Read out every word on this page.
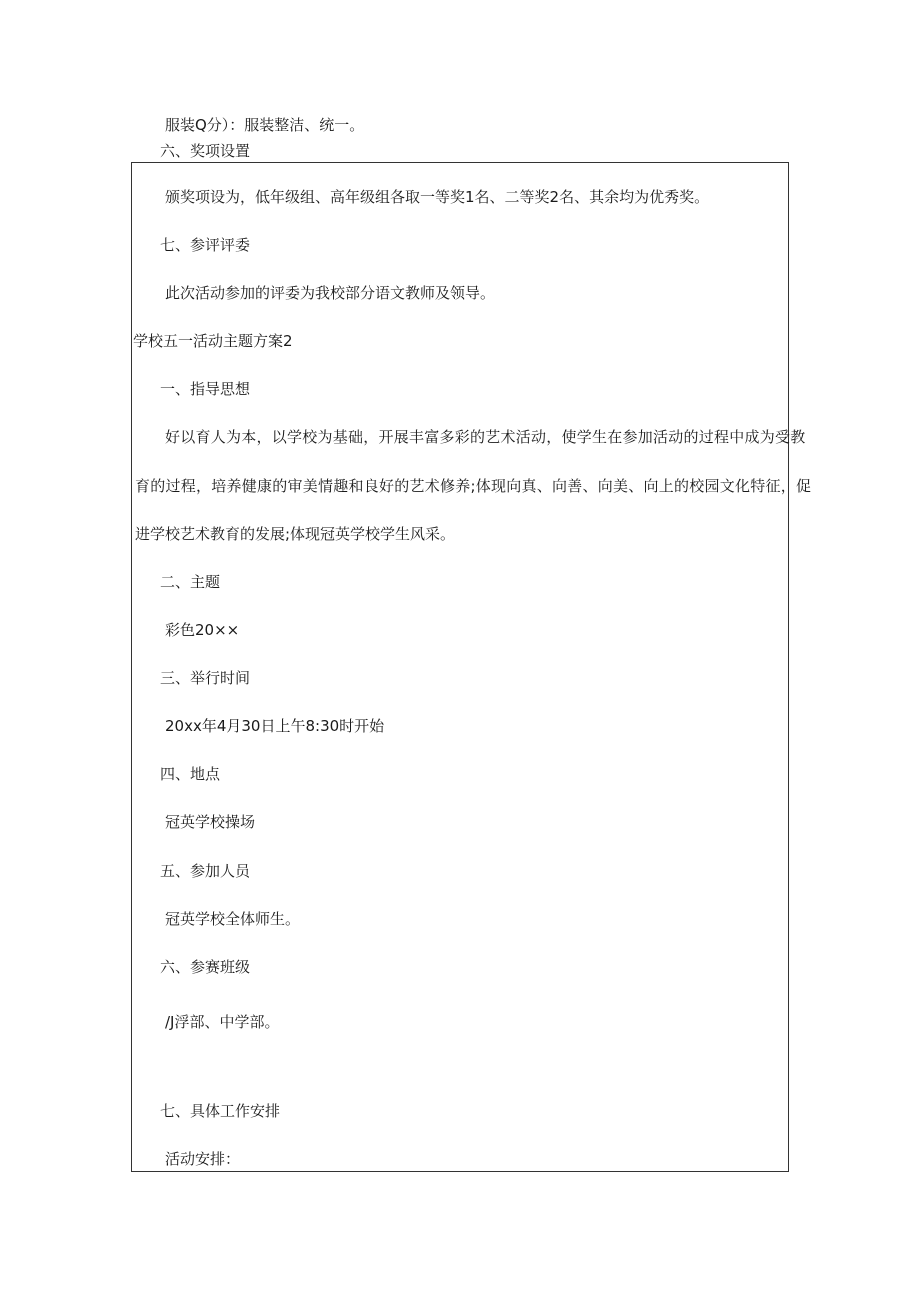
服装Q分）：服装整洁、统一。
六、奖项设置
颁奖项设为，低年级组、高年级组各取一等奖1名、二等奖2名、其余均为优秀奖。
七、参评评委
此次活动参加的评委为我校部分语文教师及领导。
学校五一活动主题方案2
一、指导思想
好以育人为本，以学校为基础，开展丰富多彩的艺术活动，使学生在参加活动的过程中成为受教
育的过程，培养健康的审美情趣和良好的艺术修养;体现向真、向善、向美、向上的校园文化特征，促
进学校艺术教育的发展;体现冠英学校学生风采。
二、主题
彩色20××
三、举行时间
20xx年4月30日上午8:30时开始
四、地点
冠英学校操场
五、参加人员
冠英学校全体师生。
六、参赛班级
/J浮部、中学部。
七、具体工作安排
活动安排：
